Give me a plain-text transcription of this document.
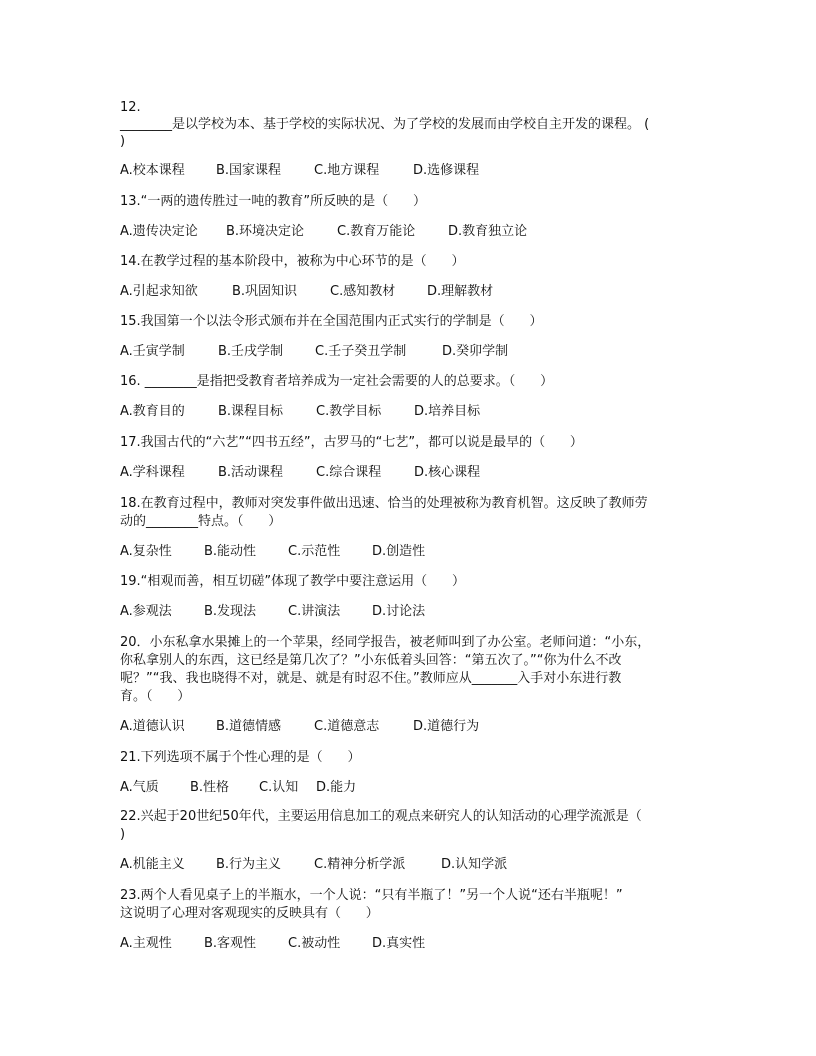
12.
________是以学校为本、基于学校的实际状况、为了学校的发展而由学校自主开发的课程。 (
)
A.校本课程 B.国家课程	C.地方课程	D.选修课程
13.“一两的遗传胜过一吨的教育”所反映的是（      ）
A.遗传决定论 B.环境决定论	C.教育万能论	D.教育独立论
14.在教学过程的基本阶段中，被称为中心环节的是（      ）
A.引起求知欲	B.巩固知识	C.感知教材 D.理解教材
15.我国第一个以法令形式颁布并在全国范围内正式实行的学制是（      ）
A.壬寅学制	B.壬戌学制 C.壬子癸丑学制	D.癸卯学制
16. ________是指把受教育者培养成为一定社会需要的人的总要求。（      ）
A.教育目的	B.课程目标	C.教学目标	D.培养目标
17.我国古代的“六艺”“四书五经”，古罗马的“七艺”，都可以说是最早的（      ）
A.学科课程	B.活动课程	C.综合课程	D.核心课程
18.在教育过程中，教师对突发事件做出迅速、恰当的处理被称为教育机智。这反映了教师劳
动的________特点。（      ）
A.复杂性 B.能动性 C.示范性 D.创造性
19.“相观而善，相互切磋”体现了教学中要注意运用（      ）
A.参观法 B.发现法 C.讲演法 D.讨论法
20．小东私拿水果摊上的一个苹果，经同学报告，被老师叫到了办公室。老师问道：“小东，
你私拿别人的东西，这已经是第几次了？”小东低着头回答：“第五次了。”“你为什么不改
呢？”“我、我也晓得不对，就是、就是有时忍不住。”教师应从_______入手对小东进行教
育。（      ）
A.道德认识 B.道德情感	C.道德意志	D.道德行为
21.下列选项不属于个性心理的是（      ）
A.气质 B.性格 C.认知 D.能力
22.兴起于20世纪50年代，主要运用信息加工的观点来研究人的认知活动的心理学流派是（
)
A.机能主义 B.行为主义	C.精神分析学派	D.认知学派
23.两个人看见桌子上的半瓶水，一个人说：“只有半瓶了！”另一个人说“还右半瓶呢！”
这说明了心理对客观现实的反映具有（      ）
A.主观性 B.客观性 C.被动性 D.真实性
